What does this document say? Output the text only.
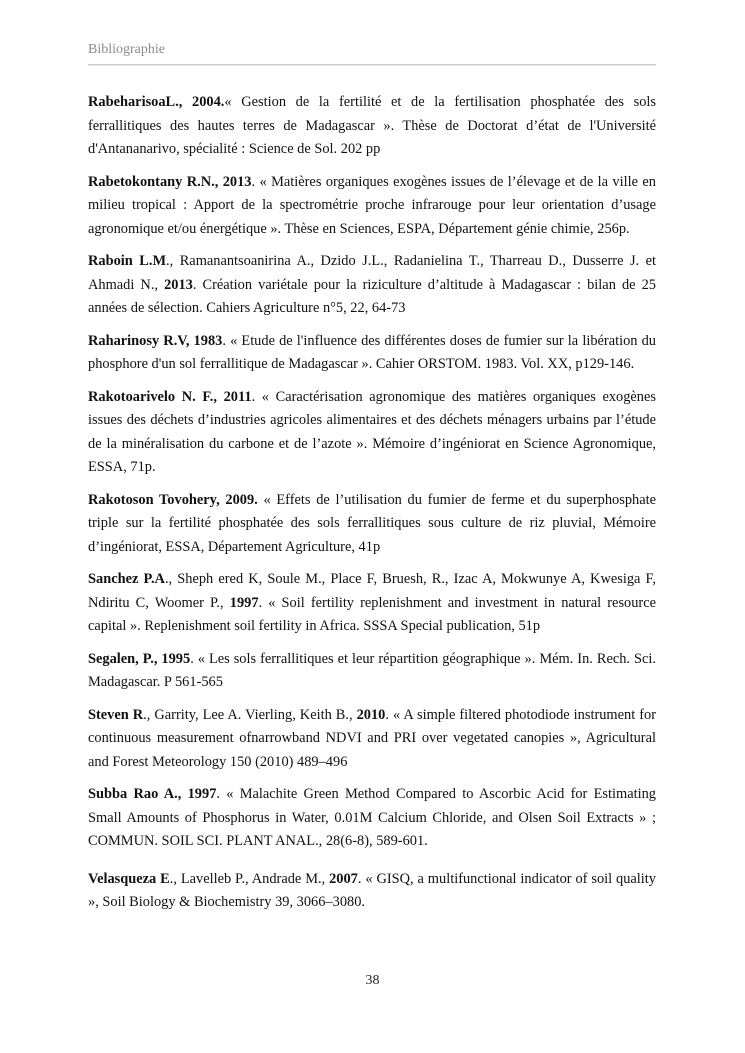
Bibliographie

RabeharisoaL., 2004.« Gestion de la fertilité et de la fertilisation phosphatée des sols ferrallitiques des hautes terres de Madagascar ». Thèse de Doctorat d’état de l'Université d'Antananarivo, spécialité : Science de Sol. 202 pp

Rabetokontany R.N., 2013. « Matières organiques exogènes issues de l’élevage et de la ville en milieu tropical : Apport de la spectrométrie proche infrarouge pour leur orientation d’usage agronomique et/ou énergétique ». Thèse en Sciences, ESPA, Département génie chimie, 256p.

Raboin L.M., Ramanantsoanirina A., Dzido J.L., Radanielina T., Tharreau D., Dusserre J. et Ahmadi N., 2013. Création variétale pour la riziculture d’altitude à Madagascar : bilan de 25 années de sélection. Cahiers Agriculture n°5, 22, 64-73

Raharinosy R.V, 1983. « Etude de l'influence des différentes doses de fumier sur la libération du phosphore d'un sol ferrallitique de Madagascar ». Cahier ORSTOM. 1983. Vol. XX, p129-146.

Rakotoarivelo N. F., 2011. « Caractérisation agronomique des matières organiques exogènes issues des déchets d’industries agricoles alimentaires et des déchets ménagers urbains par l’étude de la minéralisation du carbone et de l’azote ». Mémoire d’ingéniorat en Science Agronomique, ESSA, 71p.

Rakotoson Tovohery, 2009. « Effets de l’utilisation du fumier de ferme et du superphosphate triple sur la fertilité phosphatée des sols ferrallitiques sous culture de riz pluvial, Mémoire d’ingéniorat, ESSA, Département Agriculture, 41p

Sanchez P.A., Sheph ered K, Soule M., Place F, Bruesh, R., Izac A, Mokwunye A, Kwesiga F, Ndiritu C, Woomer P., 1997. « Soil fertility replenishment and investment in natural resource capital ». Replenishment soil fertility in Africa. SSSA Special publication, 51p

Segalen, P., 1995. « Les sols ferrallitiques et leur répartition géographique ». Mém. In. Rech. Sci. Madagascar. P 561-565

Steven R., Garrity, Lee A. Vierling, Keith B., 2010. « A simple filtered photodiode instrument for continuous measurement ofnarrowband NDVI and PRI over vegetated canopies », Agricultural and Forest Meteorology 150 (2010) 489–496

Subba Rao A., 1997. « Malachite Green Method Compared to Ascorbic Acid for Estimating Small Amounts of Phosphorus in Water, 0.01M Calcium Chloride, and Olsen Soil Extracts » ; COMMUN. SOIL SCI. PLANT ANAL., 28(6-8), 589-601.

Velasqueza E., Lavelleb P., Andrade M., 2007. « GISQ, a multifunctional indicator of soil quality », Soil Biology & Biochemistry 39, 3066–3080.

38
